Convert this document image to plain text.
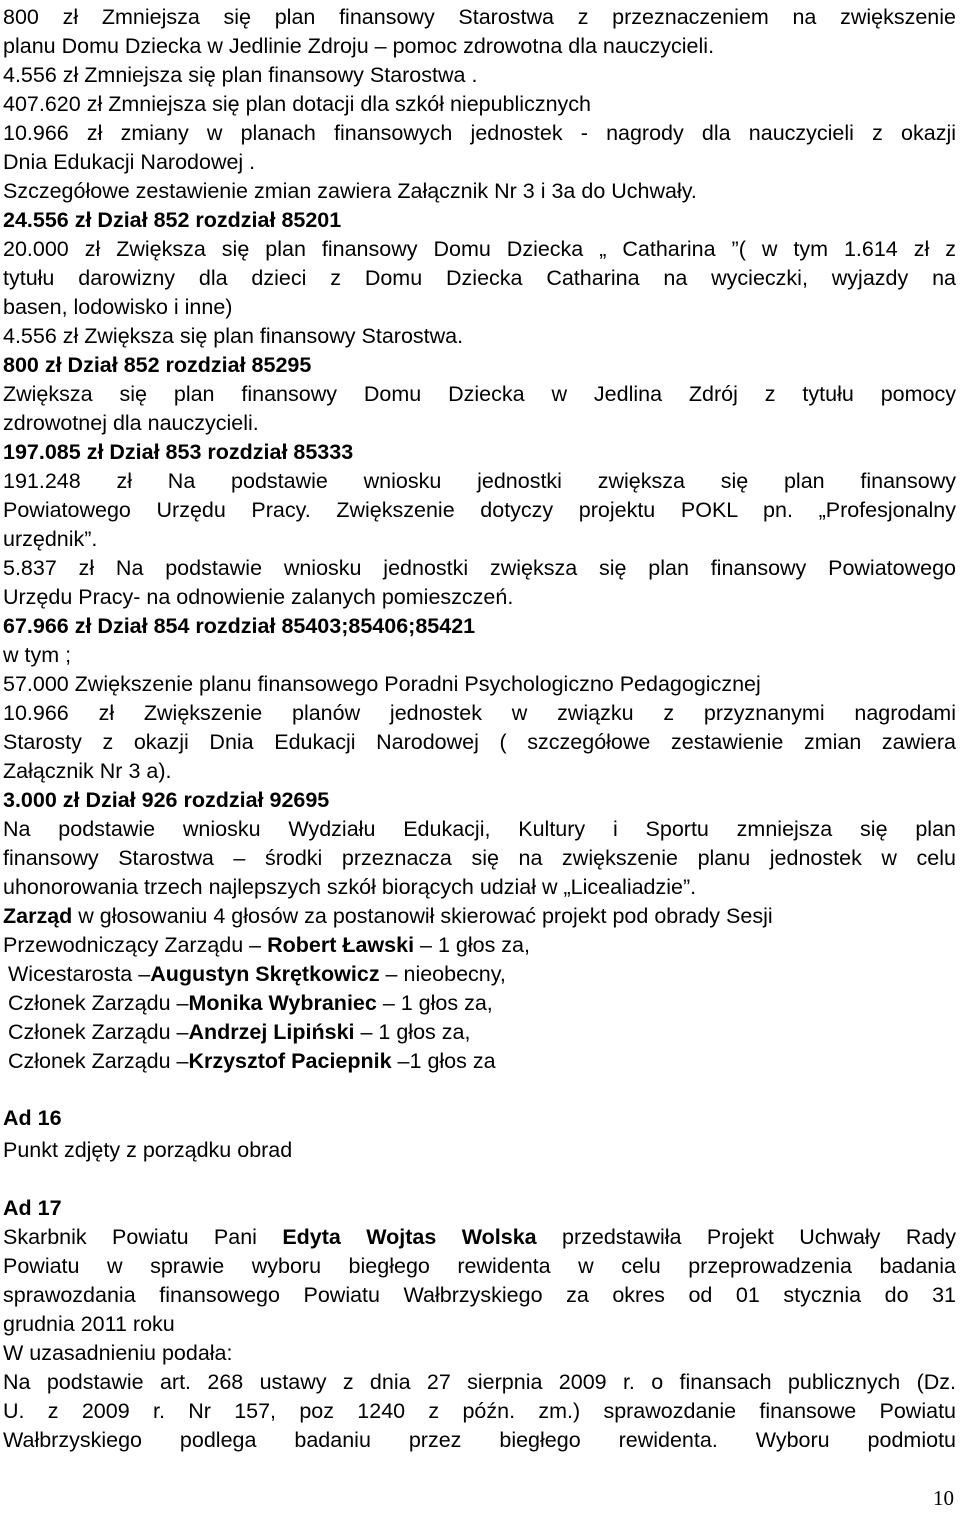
800 zł Zmniejsza się plan finansowy Starostwa z przeznaczeniem na zwiększenie
planu Domu Dziecka w Jedlinie Zdroju – pomoc zdrowotna dla nauczycieli.
4.556 zł Zmniejsza się plan finansowy Starostwa .
407.620 zł Zmniejsza się plan dotacji dla szkół niepublicznych
10.966 zł zmiany w planach finansowych jednostek - nagrody dla nauczycieli z okazji
Dnia Edukacji Narodowej .
Szczegółowe zestawienie zmian zawiera Załącznik Nr 3 i 3a do Uchwały.
24.556 zł Dział 852 rozdział 85201
20.000 zł Zwiększa się plan finansowy Domu Dziecka „ Catharina ”( w tym 1.614 zł z
tytułu darowizny dla dzieci z Domu Dziecka Catharina na wycieczki, wyjazdy na
basen, lodowisko i inne)
4.556 zł Zwiększa się plan finansowy Starostwa.
800 zł Dział 852 rozdział 85295
Zwiększa się plan finansowy Domu Dziecka w Jedlina Zdrój z tytułu pomocy
zdrowotnej dla nauczycieli.
197.085 zł Dział 853 rozdział 85333
191.248 zł Na podstawie wniosku jednostki zwiększa się plan finansowy
Powiatowego Urzędu Pracy. Zwiększenie dotyczy projektu POKL pn. „Profesjonalny
urzędnik”.
5.837 zł Na podstawie wniosku jednostki zwiększa się plan finansowy Powiatowego
Urzędu Pracy- na odnowienie zalanych pomieszczeń.
67.966 zł Dział 854 rozdział 85403;85406;85421
w tym ;
57.000 Zwiększenie planu finansowego Poradni Psychologiczno Pedagogicznej
10.966 zł Zwiększenie planów jednostek w związku z przyznanymi nagrodami
Starosty z okazji Dnia Edukacji Narodowej ( szczegółowe zestawienie zmian zawiera
Załącznik Nr 3 a).
3.000 zł Dział 926 rozdział 92695
Na podstawie wniosku Wydziału Edukacji, Kultury i Sportu zmniejsza się plan
finansowy Starostwa – środki przeznacza się na zwiększenie planu jednostek w celu
uhonorowania trzech najlepszych szkół biorących udział w „Licealiadzie”.
Zarząd w głosowaniu 4 głosów za postanowił skierować projekt pod obrady Sesji
Przewodniczący Zarządu – Robert Ławski – 1 głos za,
Wicestarosta –Augustyn Skrętkowicz – nieobecny,
Członek Zarządu –Monika Wybraniec – 1 głos za,
Członek Zarządu –Andrzej Lipiński – 1 głos za,
Członek Zarządu –Krzysztof Paciepnik –1 głos za
Ad 16
Punkt zdjęty z porządku obrad
Ad 17
Skarbnik Powiatu Pani Edyta Wojtas Wolska przedstawiła Projekt Uchwały Rady
Powiatu w sprawie wyboru biegłego rewidenta w celu przeprowadzenia badania
sprawozdania finansowego Powiatu Wałbrzyskiego za okres od 01 stycznia do 31
grudnia 2011 roku
W uzasadnieniu podała:
Na podstawie art. 268 ustawy z dnia 27 sierpnia 2009 r. o finansach publicznych (Dz.
U. z 2009 r. Nr 157, poz 1240 z późn. zm.) sprawozdanie finansowe Powiatu
Wałbrzyskiego podlega badaniu przez biegłego rewidenta. Wyboru podmiotu
10
